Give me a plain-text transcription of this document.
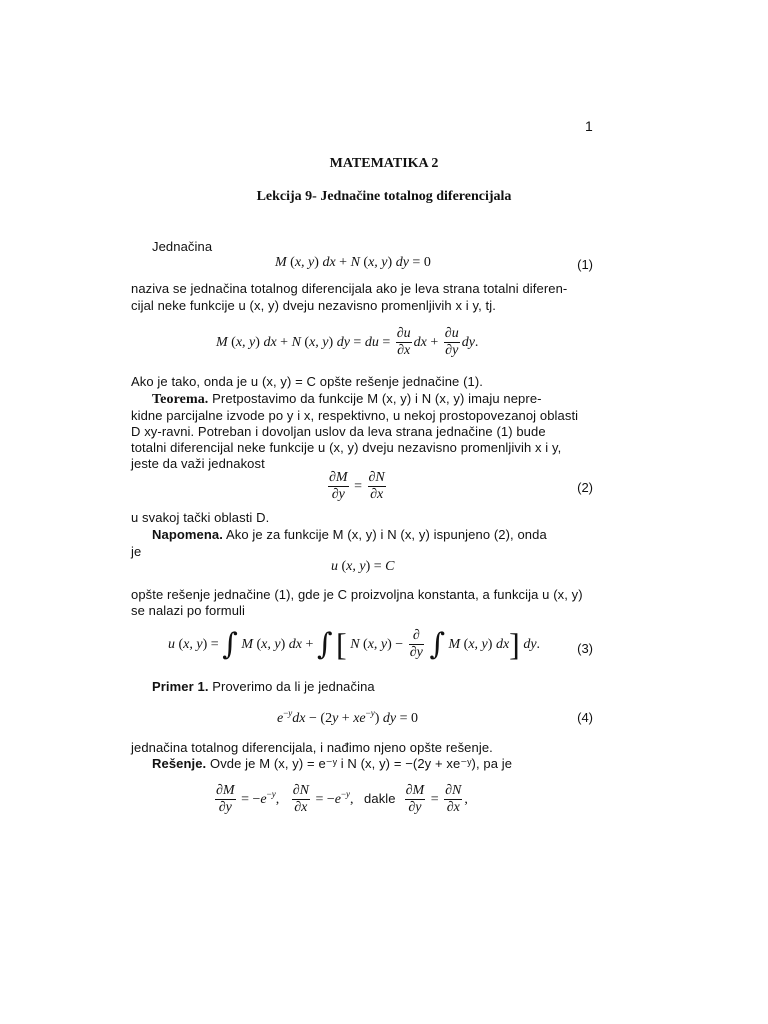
1
MATEMATIKA 2
Lekcija 9- Jednačine totalnog diferencijala
Jednačina
M (x, y) dx + N (x, y) dy = 0	(1)
naziva se jednačina totalnog diferencijala ako je leva strana totalni diferen-
cijal neke funkcije u (x, y) dveju nezavisno promenljivih x i y, tj.
M (x, y) dx + N (x, y) dy = du = $\frac{\partial u}{\partial x}$ dx + $\frac{\partial u}{\partial y}$ dy.
Ako je tako, onda je u (x, y) = C opšte rešenje jednačine (1).
Teorema. Pretpostavimo da funkcije M (x, y) i N (x, y) imaju nepre-
kidne parcijalne izvode po y i x, respektivno, u nekoj prostopovezanoj oblasti
D xy-ravni. Potreban i dovoljan uslov da leva strana jednačine (1) bude
totalni diferencijal neke funkcije u (x, y) dveju nezavisno promenljivih x i y,
jeste da važi jednakost
$\frac{\partial M}{\partial y} = \frac{\partial N}{\partial x}$	(2)
u svakoj tački oblasti D.
Napomena. Ako je za funkcije M (x, y) i N (x, y) ispunjeno (2), onda
je
u (x, y) = C
opšte rešenje jednačine (1), gde je C proizvoljna konstanta, a funkcija u (x, y)
se nalazi po formuli
u (x, y) = ∫ M (x, y) dx + ∫ [ N (x, $y) - \frac{\partial}{\partial y}$ ∫ M (x, y) dx] dy.	(3)
Primer 1. Proverimo da li je jednačina
$e^{-y}dx - (2y + xe^{-y})$ dy = 0	(4)
jednačina totalnog diferencijala, i nađimo njeno opšte rešenje.
Rešenje. Ovde je M (x, y) = e⁻ʸ i N (x, y) = −(2y + xe⁻ʸ), pa je
$\frac{\partial M}{\partial y} = -e^{-y}$, $\frac{\partial N}{\partial x} = -e^{-y}$,   dakle $\frac{\partial M}{\partial y} = \frac{\partial N}{\partial x}$ ,
